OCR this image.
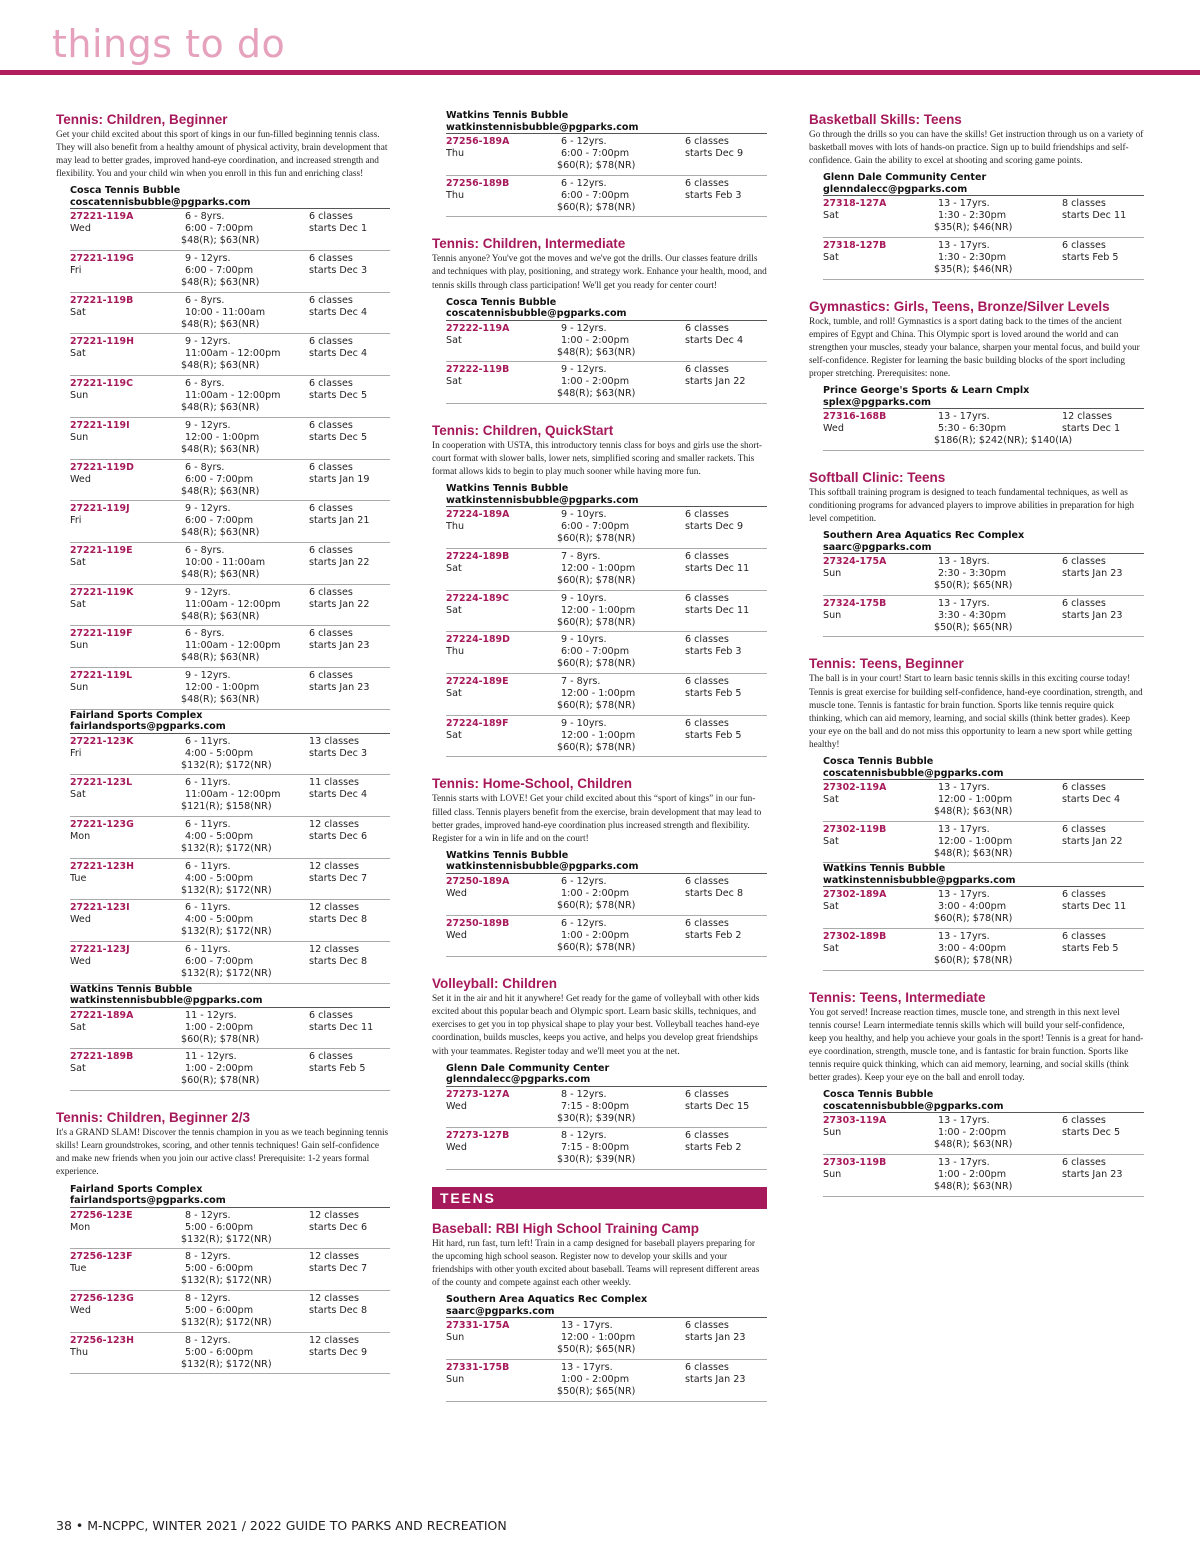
things to do
Tennis: Children, Beginner
Get your child excited about this sport of kings in our fun-filled beginning tennis class. They will also benefit from a healthy amount of physical activity, brain development that may lead to better grades, improved hand-eye coordination, and increased strength and flexibility. You and your child win when you enroll in this fun and enriching class!
Cosca Tennis Bubble
coscatennisbubble@pgparks.com
27221-119A
Wed
6 - 8yrs.
6:00 - 7:00pm
$48(R); $63(NR)
6 classes
starts Dec 1
27221-119G
Fri
9 - 12yrs.
6:00 - 7:00pm
$48(R); $63(NR)
6 classes
starts Dec 3
27221-119B
Sat
6 - 8yrs.
10:00 - 11:00am
$48(R); $63(NR)
6 classes
starts Dec 4
27221-119H
Sat
9 - 12yrs.
11:00am - 12:00pm
$48(R); $63(NR)
6 classes
starts Dec 4
27221-119C
Sun
6 - 8yrs.
11:00am - 12:00pm
$48(R); $63(NR)
6 classes
starts Dec 5
27221-119I
Sun
9 - 12yrs.
12:00 - 1:00pm
$48(R); $63(NR)
6 classes
starts Dec 5
27221-119D
Wed
6 - 8yrs.
6:00 - 7:00pm
$48(R); $63(NR)
6 classes
starts Jan 19
27221-119J
Fri
9 - 12yrs.
6:00 - 7:00pm
$48(R); $63(NR)
6 classes
starts Jan 21
27221-119E
Sat
6 - 8yrs.
10:00 - 11:00am
$48(R); $63(NR)
6 classes
starts Jan 22
27221-119K
Sat
9 - 12yrs.
11:00am - 12:00pm
$48(R); $63(NR)
6 classes
starts Jan 22
27221-119F
Sun
6 - 8yrs.
11:00am - 12:00pm
$48(R); $63(NR)
6 classes
starts Jan 23
27221-119L
Sun
9 - 12yrs.
12:00 - 1:00pm
$48(R); $63(NR)
6 classes
starts Jan 23
Fairland Sports Complex
fairlandsports@pgparks.com
27221-123K
Fri
6 - 11yrs.
4:00 - 5:00pm
$132(R); $172(NR)
13 classes
starts Dec 3
27221-123L
Sat
6 - 11yrs.
11:00am - 12:00pm
$121(R); $158(NR)
11 classes
starts Dec 4
27221-123G
Mon
6 - 11yrs.
4:00 - 5:00pm
$132(R); $172(NR)
12 classes
starts Dec 6
27221-123H
Tue
6 - 11yrs.
4:00 - 5:00pm
$132(R); $172(NR)
12 classes
starts Dec 7
27221-123I
Wed
6 - 11yrs.
4:00 - 5:00pm
$132(R); $172(NR)
12 classes
starts Dec 8
27221-123J
Wed
6 - 11yrs.
6:00 - 7:00pm
$132(R); $172(NR)
12 classes
starts Dec 8
Watkins Tennis Bubble
watkinstennisbubble@pgparks.com
27221-189A
Sat
11 - 12yrs.
1:00 - 2:00pm
$60(R); $78(NR)
6 classes
starts Dec 11
27221-189B
Sat
11 - 12yrs.
1:00 - 2:00pm
$60(R); $78(NR)
6 classes
starts Feb 5
Tennis: Children, Beginner 2/3
It's a GRAND SLAM! Discover the tennis champion in you as we teach beginning tennis skills! Learn groundstrokes, scoring, and other tennis techniques! Gain self-confidence and make new friends when you join our active class! Prerequisite: 1-2 years formal experience.
Fairland Sports Complex
fairlandsports@pgparks.com
27256-123E
Mon
8 - 12yrs.
5:00 - 6:00pm
$132(R); $172(NR)
12 classes
starts Dec 6
27256-123F
Tue
8 - 12yrs.
5:00 - 6:00pm
$132(R); $172(NR)
12 classes
starts Dec 7
27256-123G
Wed
8 - 12yrs.
5:00 - 6:00pm
$132(R); $172(NR)
12 classes
starts Dec 8
27256-123H
Thu
8 - 12yrs.
5:00 - 6:00pm
$132(R); $172(NR)
12 classes
starts Dec 9
Watkins Tennis Bubble
watkinstennisbubble@pgparks.com
27256-189A
Thu
6 - 12yrs.
6:00 - 7:00pm
$60(R); $78(NR)
6 classes
starts Dec 9
27256-189B
Thu
6 - 12yrs.
6:00 - 7:00pm
$60(R); $78(NR)
6 classes
starts Feb 3
Tennis: Children, Intermediate
Tennis anyone? You've got the moves and we've got the drills. Our classes feature drills and techniques with play, positioning, and strategy work. Enhance your health, mood, and tennis skills through class participation! We'll get you ready for center court!
Cosca Tennis Bubble
coscatennisbubble@pgparks.com
27222-119A
Sat
9 - 12yrs.
1:00 - 2:00pm
$48(R); $63(NR)
6 classes
starts Dec 4
27222-119B
Sat
9 - 12yrs.
1:00 - 2:00pm
$48(R); $63(NR)
6 classes
starts Jan 22
Tennis: Children, QuickStart
In cooperation with USTA, this introductory tennis class for boys and girls use the short-court format with slower balls, lower nets, simplified scoring and smaller rackets. This format allows kids to begin to play much sooner while having more fun.
Watkins Tennis Bubble
watkinstennisbubble@pgparks.com
27224-189A
Thu
9 - 10yrs.
6:00 - 7:00pm
$60(R); $78(NR)
6 classes
starts Dec 9
27224-189B
Sat
7 - 8yrs.
12:00 - 1:00pm
$60(R); $78(NR)
6 classes
starts Dec 11
27224-189C
Sat
9 - 10yrs.
12:00 - 1:00pm
$60(R); $78(NR)
6 classes
starts Dec 11
27224-189D
Thu
9 - 10yrs.
6:00 - 7:00pm
$60(R); $78(NR)
6 classes
starts Feb 3
27224-189E
Sat
7 - 8yrs.
12:00 - 1:00pm
$60(R); $78(NR)
6 classes
starts Feb 5
27224-189F
Sat
9 - 10yrs.
12:00 - 1:00pm
$60(R); $78(NR)
6 classes
starts Feb 5
Tennis: Home-School, Children
Tennis starts with LOVE! Get your child excited about this “sport of kings” in our fun-filled class. Tennis players benefit from the exercise, brain development that may lead to better grades, improved hand-eye coordination plus increased strength and flexibility. Register for a win in life and on the court!
Watkins Tennis Bubble
watkinstennisbubble@pgparks.com
27250-189A
Wed
6 - 12yrs.
1:00 - 2:00pm
$60(R); $78(NR)
6 classes
starts Dec 8
27250-189B
Wed
6 - 12yrs.
1:00 - 2:00pm
$60(R); $78(NR)
6 classes
starts Feb 2
Volleyball: Children
Set it in the air and hit it anywhere! Get ready for the game of volleyball with other kids excited about this popular beach and Olympic sport. Learn basic skills, techniques, and exercises to get you in top physical shape to play your best. Volleyball teaches hand-eye coordination, builds muscles, keeps you active, and helps you develop great friendships with your teammates. Register today and we'll meet you at the net.
Glenn Dale Community Center
glenndalecc@pgparks.com
27273-127A
Wed
8 - 12yrs.
7:15 - 8:00pm
$30(R); $39(NR)
6 classes
starts Dec 15
27273-127B
Wed
8 - 12yrs.
7:15 - 8:00pm
$30(R); $39(NR)
6 classes
starts Feb 2
TEENS
Baseball: RBI High School Training Camp
Hit hard, run fast, turn left! Train in a camp designed for baseball players preparing for the upcoming high school season. Register now to develop your skills and your friendships with other youth excited about baseball. Teams will represent different areas of the county and compete against each other weekly.
Southern Area Aquatics Rec Complex
saarc@pgparks.com
27331-175A
Sun
13 - 17yrs.
12:00 - 1:00pm
$50(R); $65(NR)
6 classes
starts Jan 23
27331-175B
Sun
13 - 17yrs.
1:00 - 2:00pm
$50(R); $65(NR)
6 classes
starts Jan 23
Basketball Skills: Teens
Go through the drills so you can have the skills! Get instruction through us on a variety of basketball moves with lots of hands-on practice. Sign up to build friendships and self-confidence. Gain the ability to excel at shooting and scoring game points.
Glenn Dale Community Center
glenndalecc@pgparks.com
27318-127A
Sat
13 - 17yrs.
1:30 - 2:30pm
$35(R); $46(NR)
8 classes
starts Dec 11
27318-127B
Sat
13 - 17yrs.
1:30 - 2:30pm
$35(R); $46(NR)
6 classes
starts Feb 5
Gymnastics: Girls, Teens, Bronze/Silver Levels
Rock, tumble, and roll! Gymnastics is a sport dating back to the times of the ancient empires of Egypt and China. This Olympic sport is loved around the world and can strengthen your muscles, steady your balance, sharpen your mental focus, and build your self-confidence. Register for learning the basic building blocks of the sport including proper stretching. Prerequisites: none.
Prince George's Sports & Learn Cmplx
splex@pgparks.com
27316-168B
Wed
13 - 17yrs.
5:30 - 6:30pm
$186(R); $242(NR); $140(IA)
12 classes
starts Dec 1
Softball Clinic: Teens
This softball training program is designed to teach fundamental techniques, as well as conditioning programs for advanced players to improve abilities in preparation for high level competition.
Southern Area Aquatics Rec Complex
saarc@pgparks.com
27324-175A
Sun
13 - 18yrs.
2:30 - 3:30pm
$50(R); $65(NR)
6 classes
starts Jan 23
27324-175B
Sun
13 - 17yrs.
3:30 - 4:30pm
$50(R); $65(NR)
6 classes
starts Jan 23
Tennis: Teens, Beginner
The ball is in your court! Start to learn basic tennis skills in this exciting course today! Tennis is great exercise for building self-confidence, hand-eye coordination, strength, and muscle tone. Tennis is fantastic for brain function. Sports like tennis require quick thinking, which can aid memory, learning, and social skills (think better grades). Keep your eye on the ball and do not miss this opportunity to learn a new sport while getting healthy!
Cosca Tennis Bubble
coscatennisbubble@pgparks.com
27302-119A
Sat
13 - 17yrs.
12:00 - 1:00pm
$48(R); $63(NR)
6 classes
starts Dec 4
27302-119B
Sat
13 - 17yrs.
12:00 - 1:00pm
$48(R); $63(NR)
6 classes
starts Jan 22
Watkins Tennis Bubble
watkinstennisbubble@pgparks.com
27302-189A
Sat
13 - 17yrs.
3:00 - 4:00pm
$60(R); $78(NR)
6 classes
starts Dec 11
27302-189B
Sat
13 - 17yrs.
3:00 - 4:00pm
$60(R); $78(NR)
6 classes
starts Feb 5
Tennis: Teens, Intermediate
You got served! Increase reaction times, muscle tone, and strength in this next level tennis course! Learn intermediate tennis skills which will build your self-confidence, keep you healthy, and help you achieve your goals in the sport! Tennis is a great for hand-eye coordination, strength, muscle tone, and is fantastic for brain function. Sports like tennis require quick thinking, which can aid memory, learning, and social skills (think better grades). Keep your eye on the ball and enroll today.
Cosca Tennis Bubble
coscatennisbubble@pgparks.com
27303-119A
Sun
13 - 17yrs.
1:00 - 2:00pm
$48(R); $63(NR)
6 classes
starts Dec 5
27303-119B
Sun
13 - 17yrs.
1:00 - 2:00pm
$48(R); $63(NR)
6 classes
starts Jan 23
38 • M-NCPPC, WINTER 2021 / 2022 GUIDE TO PARKS AND RECREATION
